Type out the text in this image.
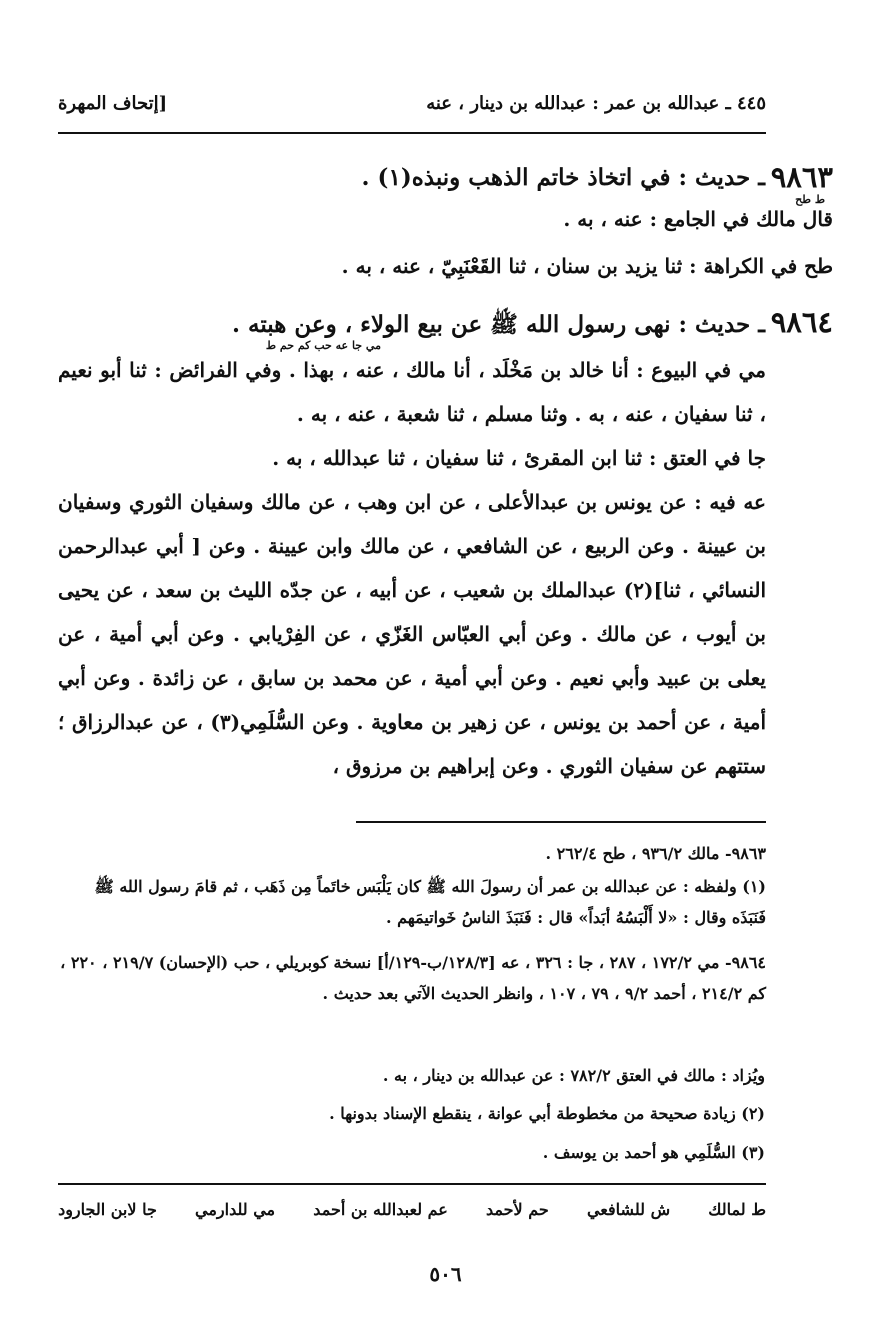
٤٤٥ ـ عبدالله بن عمر : عبدالله بن دينار ، عنه
[إتحاف المهرة
٩٨٦٣
ط طح
ـ حديث : في اتخاذ خاتم الذهب ونبذه(١) .
قال مالك في الجامع : عنه ، به .
طح في الكراهة : ثنا يزيد بن سنان ، ثنا القَعْنَبِيّ ، عنه ، به .
٩٨٦٤
مي جا عه حب كم حم ط
ـ حديث : نهى رسول الله ﷺ عن بيع الولاء ، وعن هبته .
مي في البيوع : أنا خالد بن مَخْلَد ، أنا مالك ، عنه ، بهذا . وفي الفرائض : ثنا أبو نعيم ، ثنا سفيان ، عنه ، به . وثنا مسلم ، ثنا شعبة ، عنه ، به .
جا في العتق : ثنا ابن المقرئ ، ثنا سفيان ، ثنا عبدالله ، به .
عه فيه : عن يونس بن عبدالأعلى ، عن ابن وهب ، عن مالك وسفيان الثوري وسفيان بن عيينة . وعن الربيع ، عن الشافعي ، عن مالك وابن عيينة . وعن [ أبي عبدالرحمن النسائي ، ثنا](٢) عبدالملك بن شعيب ، عن أبيه ، عن جدّه الليث بن سعد ، عن يحيى بن أيوب ، عن مالك . وعن أبي العبّاس الغَزّي ، عن الفِرْيابي . وعن أبي أمية ، عن يعلى بن عبيد وأبي نعيم . وعن أبي أمية ، عن محمد بن سابق ، عن زائدة . وعن أبي أمية ، عن أحمد بن يونس ، عن زهير بن معاوية . وعن السُّلَمِي(٣) ، عن عبدالرزاق ؛ ستتهم عن سفيان الثوري . وعن إبراهيم بن مرزوق ،
٩٨٦٣- مالك ٩٣٦/٢ ، طح ٢٦٢/٤ .
(١) ولفظه : عن عبدالله بن عمر أن رسولَ الله ﷺ كان يَلْبَس خاتَماً مِن ذَهَب ، ثم قامَ رسول الله ﷺ فَنَبَذَه وقال : «لا أَلْبَسُهُ أبَداً» قال : فَنَبَذَ الناسُ خَواتيمَهم .
٩٨٦٤- مي ١٧٢/٢ ، ٢٨٧ ، جا : ٣٢٦ ، عه [١٢٨/٣/ب-١٢٩/أ] نسخة كوبريلي ، حب (الإحسان) ٢١٩/٧ ، ٢٢٠ ، كم ٢١٤/٢ ، أحمد ٩/٢ ، ٧٩ ، ١٠٧ ، وانظر الحديث الآتي بعد حديث .
ويُزاد : مالك في العتق ٧٨٢/٢ : عن عبدالله بن دينار ، به .
(٢) زيادة صحيحة من مخطوطة أبي عوانة ، ينقطع الإسناد بدونها .
(٣) السُّلَمِي هو أحمد بن يوسف .
ط لمالك
ش للشافعي
حم لأحمد
عم لعبدالله بن أحمد
مي للدارمي
جا لابن الجارود
٥٠٦
